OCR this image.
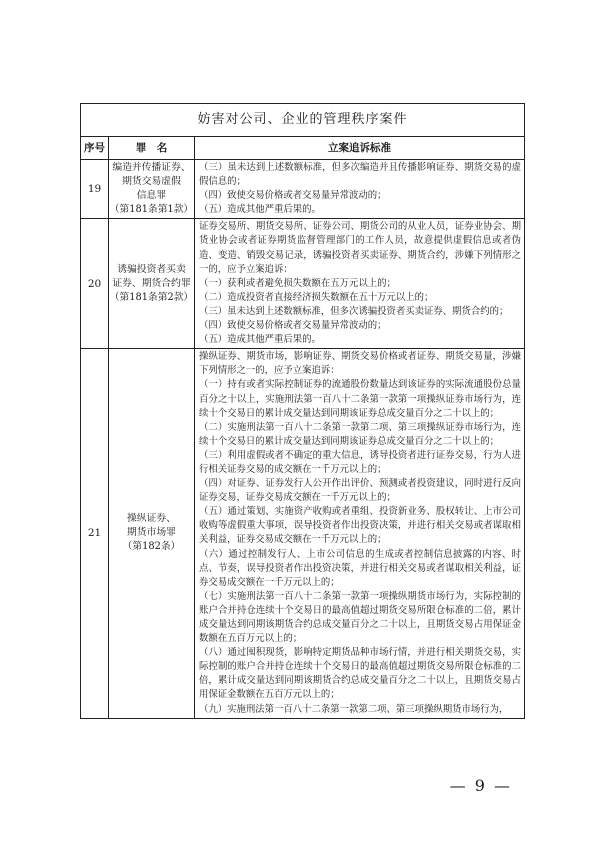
妨害对公司、企业的管理秩序案件
序号	罪　名	立案追诉标准
19
编造并传播证券、
期货交易虚假
信息罪
（第181条第1款）
（三）虽未达到上述数额标准，但多次编造并且传播影响证券、期货交易的虚假信息的；
（四）致使交易价格或者交易量异常波动的；
（五）造成其他严重后果的。
20
诱骗投资者买卖
证券、期货合约罪
（第181条第2款）
证券交易所、期货交易所、证券公司、期货公司的从业人员，证券业协会、期货业协会或者证券期货监督管理部门的工作人员，故意提供虚假信息或者伪造、变造、销毁交易记录，诱骗投资者买卖证券、期货合约，涉嫌下列情形之一的，应予立案追诉：
（一）获利或者避免损失数额在五万元以上的；
（二）造成投资者直接经济损失数额在五十万元以上的；
（三）虽未达到上述数额标准，但多次诱骗投资者买卖证券、期货合约的；
（四）致使交易价格或者交易量异常波动的；
（五）造成其他严重后果的。
21
操纵证券、
期货市场罪
（第182条）
操纵证券、期货市场，影响证券、期货交易价格或者证券、期货交易量，涉嫌下列情形之一的，应予立案追诉：
（一）持有或者实际控制证券的流通股份数量达到该证券的实际流通股份总量百分之十以上，实施刑法第一百八十二条第一款第一项操纵证券市场行为，连续十个交易日的累计成交量达到同期该证券总成交量百分之二十以上的；
（二）实施刑法第一百八十二条第一款第二项、第三项操纵证券市场行为，连续十个交易日的累计成交量达到同期该证券总成交量百分之二十以上的；
（三）利用虚假或者不确定的重大信息，诱导投资者进行证券交易，行为人进行相关证券交易的成交额在一千万元以上的；
（四）对证券、证券发行人公开作出评价、预测或者投资建议，同时进行反向证券交易，证券交易成交额在一千万元以上的；
（五）通过策划、实施资产收购或者重组、投资新业务、股权转让、上市公司收购等虚假重大事项，误导投资者作出投资决策，并进行相关交易或者谋取相关利益，证券交易成交额在一千万元以上的；
（六）通过控制发行人、上市公司信息的生成或者控制信息披露的内容、时点、节奏，误导投资者作出投资决策，并进行相关交易或者谋取相关利益，证券交易成交额在一千万元以上的；
（七）实施刑法第一百八十二条第一款第一项操纵期货市场行为，实际控制的账户合并持仓连续十个交易日的最高值超过期货交易所限仓标准的二倍，累计成交量达到同期该期货合约总成交量百分之二十以上，且期货交易占用保证金数额在五百万元以上的；
（八）通过囤积现货，影响特定期货品种市场行情，并进行相关期货交易，实际控制的账户合并持仓连续十个交易日的最高值超过期货交易所限仓标准的二倍，累计成交量达到同期该期货合约总成交量百分之二十以上，且期货交易占用保证金数额在五百万元以上的；
（九）实施刑法第一百八十二条第一款第二项、第三项操纵期货市场行为，
— 9 —
